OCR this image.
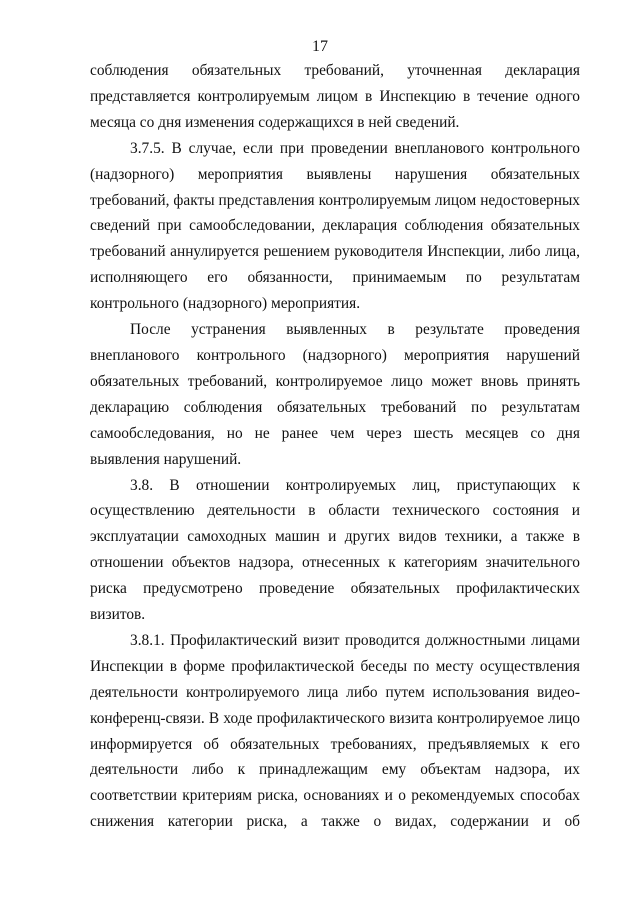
17

соблюдения обязательных требований, уточненная декларация представляется контролируемым лицом в Инспекцию в течение одного месяца со дня изменения содержащихся в ней сведений.

3.7.5. В случае, если при проведении внепланового контрольного (надзорного) мероприятия выявлены нарушения обязательных требований, факты представления контролируемым лицом недостоверных сведений при самообследовании, декларация соблюдения обязательных требований аннулируется решением руководителя Инспекции, либо лица, исполняющего его обязанности, принимаемым по результатам контрольного (надзорного) мероприятия.

После устранения выявленных в результате проведения внепланового контрольного (надзорного) мероприятия нарушений обязательных требований, контролируемое лицо может вновь принять декларацию соблюдения обязательных требований по результатам самообследования, но не ранее чем через шесть месяцев со дня выявления нарушений.

3.8. В отношении контролируемых лиц, приступающих к осуществлению деятельности в области технического состояния и эксплуатации самоходных машин и других видов техники, а также в отношении объектов надзора, отнесенных к категориям значительного риска предусмотрено проведение обязательных профилактических визитов.

3.8.1. Профилактический визит проводится должностными лицами Инспекции в форме профилактической беседы по месту осуществления деятельности контролируемого лица либо путем использования видео-конференц-связи. В ходе профилактического визита контролируемое лицо информируется об обязательных требованиях, предъявляемых к его деятельности либо к принадлежащим ему объектам надзора, их соответствии критериям риска, основаниях и о рекомендуемых способах снижения категории риска, а также о видах, содержании и об
